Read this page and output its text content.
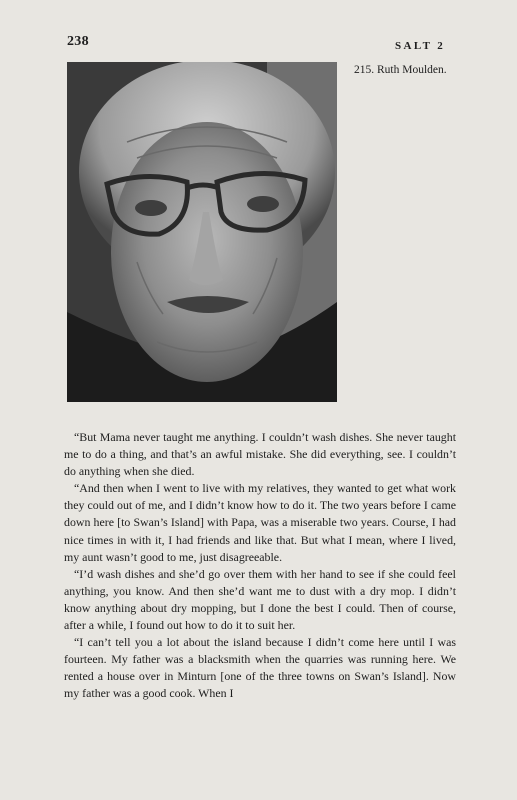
238	SALT 2
215. Ruth Moulden.

“But Mama never taught me anything. I couldn’t wash dishes. She never taught me to do a thing, and that’s an awful mistake. She did everything, see. I couldn’t do anything when she died.

“And then when I went to live with my relatives, they wanted to get what work they could out of me, and I didn’t know how to do it. The two years before I came down here [to Swan’s Island] with Papa, was a miserable two years. Course, I had nice times in with it, I had friends and like that. But what I mean, where I lived, my aunt wasn’t good to me, just disagreeable.

“I’d wash dishes and she’d go over them with her hand to see if she could feel anything, you know. And then she’d want me to dust with a dry mop. I didn’t know anything about dry mopping, but I done the best I could. Then of course, after a while, I found out how to do it to suit her.

“I can’t tell you a lot about the island because I didn’t come here until I was fourteen. My father was a blacksmith when the quarries was running here. We rented a house over in Minturn [one of the three towns on Swan’s Island]. Now my father was a good cook. When I
